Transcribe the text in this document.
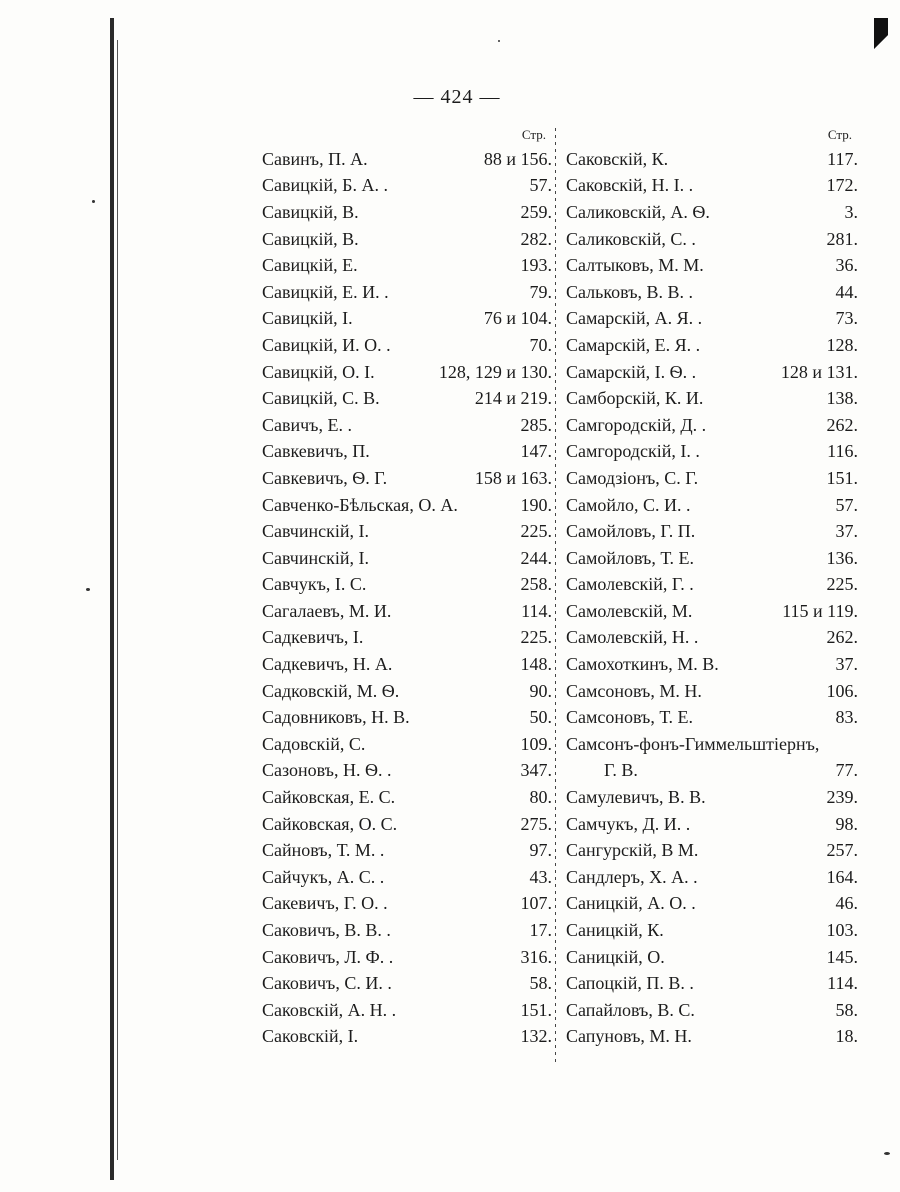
— 424 —
Стр.
Савинъ, П. А.	88 и 156.
Савицкій, Б. А. .	57.
Савицкій, В.	259.
Савицкій, В.	282.
Савицкій, Е.	193.
Савицкій, Е. И. .	79.
Савицкій, І.	76 и 104.
Савицкій, И. О. .	70.
Савицкій, О. І.	128, 129 и 130.
Савицкій, С. В.	214 и 219.
Савичъ, Е. .	285.
Савкевичъ, П.	147.
Савкевичъ, Ѳ. Г.	158 и 163.
Савченко-Бѣльская, О. А.	190.
Савчинскій, І.	225.
Савчинскій, І.	244.
Савчукъ, І. С.	258.
Сагалаевъ, М. И.	114.
Садкевичъ, І.	225.
Садкевичъ, Н. А.	148.
Садковскій, М. Ѳ.	90.
Садовниковъ, Н. В.	50.
Садовскій, С.	109.
Сазоновъ, Н. Ѳ. .	347.
Сайковская, Е. С.	80.
Сайковская, О. С.	275.
Сайновъ, Т. М. .	97.
Сайчукъ, А. С. .	43.
Сакевичъ, Г. О. .	107.
Саковичъ, В. В. .	17.
Саковичъ, Л. Ф. .	316.
Саковичъ, С. И. .	58.
Саковскій, А. Н. .	151.
Саковскій, І.	132.
Стр.
Саковскій, К.	117.
Саковскій, Н. І. .	172.
Саликовскій, А. Ѳ.	3.
Саликовскій, С. .	281.
Салтыковъ, М. М.	36.
Сальковъ, В. В. .	44.
Самарскій, А. Я. .	73.
Самарскій, Е. Я. .	128.
Самарскій, І. Ѳ. .	128 и 131.
Самборскій, К. И.	138.
Самгородскій, Д. .	262.
Самгородскій, І. .	116.
Самодзіонъ, С. Г.	151.
Самойло, С. И. .	57.
Самойловъ, Г. П.	37.
Самойловъ, Т. Е.	136.
Самолевскій, Г. .	225.
Самолевскій, М.	115 и 119.
Самолевскій, Н. .	262.
Самохоткинъ, М. В.	37.
Самсоновъ, М. Н.	106.
Самсоновъ, Т. Е.	83.
Самсонъ-фонъ-Гиммельштіернъ,
Г. В.	77.
Самулевичъ, В. В.	239.
Самчукъ, Д. И. .	98.
Сангурскій, В М.	257.
Сандлеръ, Х. А. .	164.
Саницкій, А. О. .	46.
Саницкій, К.	103.
Саницкій, О.	145.
Сапоцкій, П. В. .	114.
Сапайловъ, В. С.	58.
Сапуновъ, М. Н.	18.
